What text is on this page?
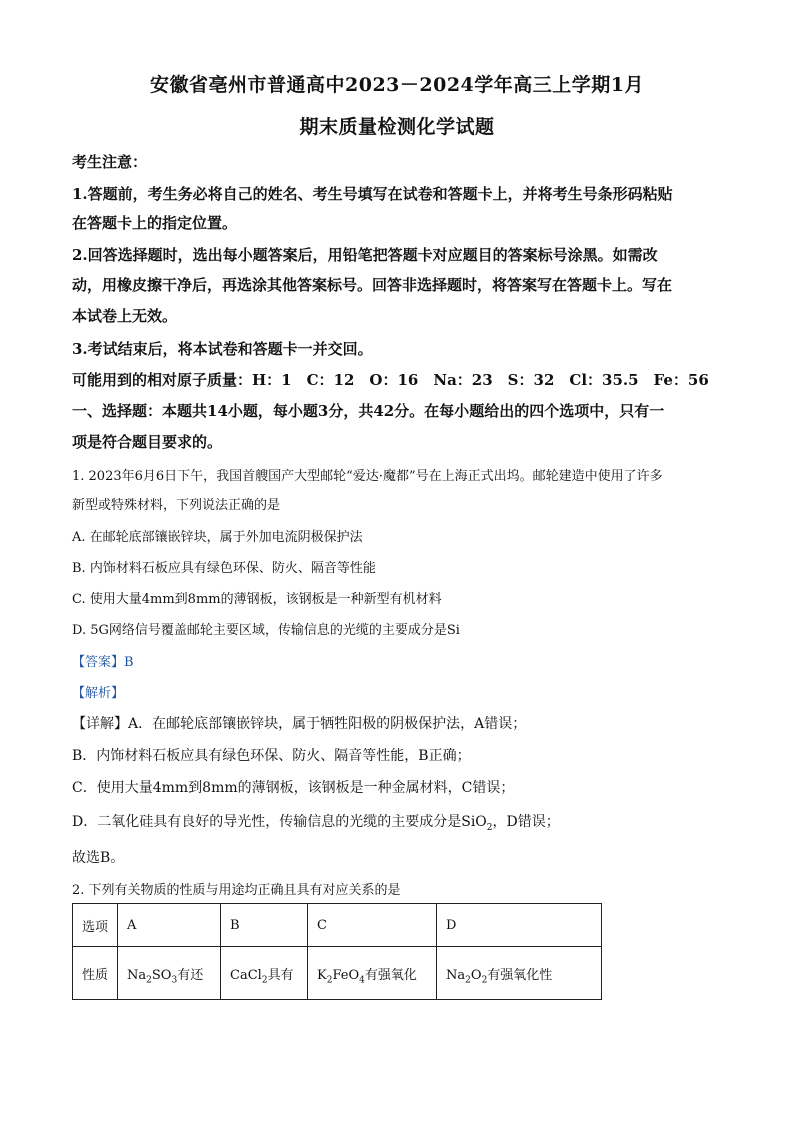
安徽省亳州市普通高中2023－2024学年高三上学期1月
期末质量检测化学试题
考生注意：
1.答题前，考生务必将自己的姓名、考生号填写在试卷和答题卡上，并将考生号条形码粘贴
在答题卡上的指定位置。
2.回答选择题时，选出每小题答案后，用铅笔把答题卡对应题目的答案标号涂黑。如需改
动，用橡皮擦干净后，再选涂其他答案标号。回答非选择题时，将答案写在答题卡上。写在
本试卷上无效。
3.考试结束后，将本试卷和答题卡一并交回。
可能用到的相对原子质量：H：1　C：12　O：16　Na：23　S：32　Cl：35.5　Fe：56
一、选择题：本题共14小题，每小题3分，共42分。在每小题给出的四个选项中，只有一
项是符合题目要求的。
1. 2023年6月6日下午，我国首艘国产大型邮轮“爱达·魔都”号在上海正式出坞。邮轮建造中使用了许多
新型或特殊材料，下列说法正确的是
A. 在邮轮底部镶嵌锌块，属于外加电流阴极保护法
B. 内饰材料石板应具有绿色环保、防火、隔音等性能
C. 使用大量4mm到8mm的薄钢板，该钢板是一种新型有机材料
D. 5G网络信号覆盖邮轮主要区域，传输信息的光缆的主要成分是Si
【答案】B
【解析】
【详解】A．在邮轮底部镶嵌锌块，属于牺牲阳极的阴极保护法，A错误；
B．内饰材料石板应具有绿色环保、防火、隔音等性能，B正确；
C．使用大量4mm到8mm的薄钢板，该钢板是一种金属材料，C错误；
D．二氧化硅具有良好的导光性，传输信息的光缆的主要成分是SiO$_2$，D错误；
故选B。
2. 下列有关物质的性质与用途均正确且具有对应关系的是
选项	A	B	C	D
性质	$Na_2SO_3$有还	CaCl$_2$具有	$K_2FeO_4$有强氧化	$Na_2O_2$有强氧化性
